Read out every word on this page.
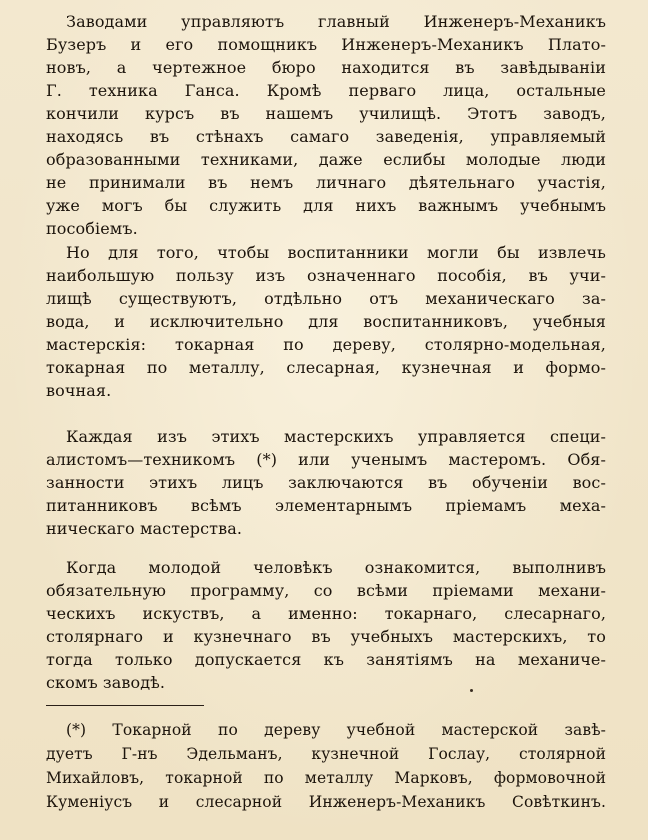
Заводами управляютъ главный Инженеръ-Механикъ
Бузеръ и его помощникъ Инженеръ-Механикъ Плато-
новъ, а чертежное бюро находится въ завѣдываніи
Г. техника Ганса. Кромѣ перваго лица, остальные
кончили курсъ въ нашемъ училищѣ. Этотъ заводъ,
находясь въ стѣнахъ самаго заведенія, управляемый
образованными техниками, даже еслибы молодые люди
не принимали въ немъ личнаго дѣятельнаго участія,
уже могъ бы служить для нихъ важнымъ учебнымъ
пособіемъ.
Но для того, чтобы воспитанники могли бы извлечь
наибольшую пользу изъ означеннаго пособія, въ учи-
лищѣ существуютъ, отдѣльно отъ механическаго за-
вода, и исключительно для воспитанниковъ, учебныя
мастерскія: токарная по дереву, столярно-модельная,
токарная по металлу, слесарная, кузнечная и формо-
вочная.
Каждая изъ этихъ мастерскихъ управляется специ-
алистомъ—техникомъ (*) или ученымъ мастеромъ. Обя-
занности этихъ лицъ заключаются въ обученіи вос-
питанниковъ всѣмъ элементарнымъ пріемамъ меха-
ническаго мастерства.
Когда молодой человѣкъ ознакомится, выполнивъ
обязательную программу, со всѣми пріемами механи-
ческихъ искуствъ, а именно: токарнаго, слесарнаго,
столярнаго и кузнечнаго въ учебныхъ мастерскихъ, то
тогда только допускается къ занятіямъ на механиче-
скомъ заводѣ.
(*) Токарной по дереву учебной мастерской завѣ-
дуетъ Г-нъ Эдельманъ, кузнечной Гослау, столярной
Михайловъ, токарной по металлу Марковъ, формовочной
Куменіусъ и слесарной Инженеръ-Механикъ Совѣткинъ.
